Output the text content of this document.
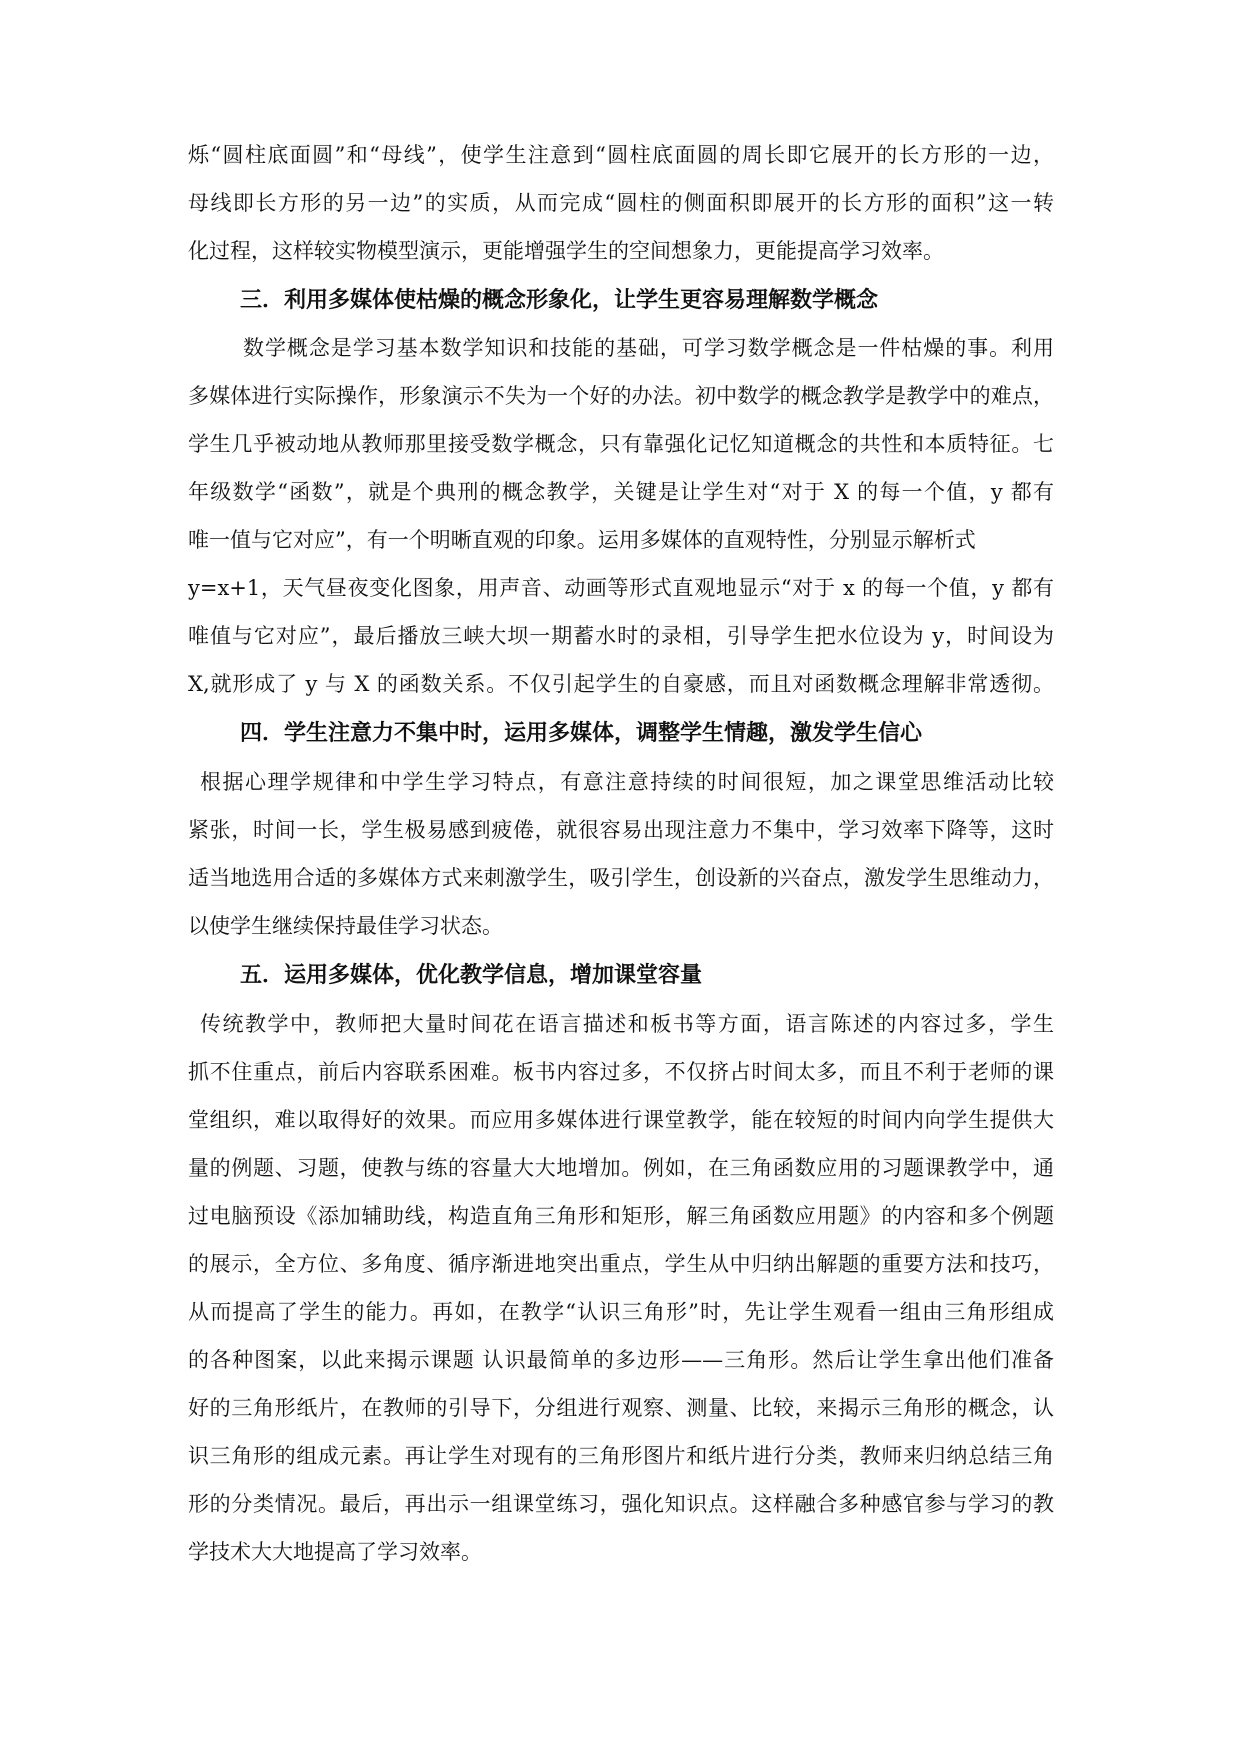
烁“圆柱底面圆”和“母线”，使学生注意到“圆柱底面圆的周长即它展开的长方形的一边，
母线即长方形的另一边”的实质，从而完成“圆柱的侧面积即展开的长方形的面积”这一转
化过程，这样较实物模型演示，更能增强学生的空间想象力，更能提高学习效率。
三．利用多媒体使枯燥的概念形象化，让学生更容易理解数学概念
数学概念是学习基本数学知识和技能的基础，可学习数学概念是一件枯燥的事。利用
多媒体进行实际操作，形象演示不失为一个好的办法。初中数学的概念教学是教学中的难点，
学生几乎被动地从教师那里接受数学概念，只有靠强化记忆知道概念的共性和本质特征。七
年级数学“函数”，就是个典刑的概念教学，关键是让学生对“对于 X 的每一个值，y 都有
唯一值与它对应”，有一个明晰直观的印象。运用多媒体的直观特性，分别显示解析式
y=x+1，天气昼夜变化图象，用声音、动画等形式直观地显示“对于 x 的每一个值，y 都有
唯值与它对应”，最后播放三峡大坝一期蓄水时的录相，引导学生把水位设为 y，时间设为
X,就形成了 y 与 X 的函数关系。不仅引起学生的自豪感，而且对函数概念理解非常透彻。
四．学生注意力不集中时，运用多媒体，调整学生情趣，激发学生信心
根据心理学规律和中学生学习特点，有意注意持续的时间很短，加之课堂思维活动比较
紧张，时间一长，学生极易感到疲倦，就很容易出现注意力不集中，学习效率下降等，这时
适当地选用合适的多媒体方式来刺激学生，吸引学生，创设新的兴奋点，激发学生思维动力，
以使学生继续保持最佳学习状态。
五．运用多媒体，优化教学信息，增加课堂容量
传统教学中，教师把大量时间花在语言描述和板书等方面，语言陈述的内容过多，学生
抓不住重点，前后内容联系困难。板书内容过多，不仅挤占时间太多，而且不利于老师的课
堂组织，难以取得好的效果。而应用多媒体进行课堂教学，能在较短的时间内向学生提供大
量的例题、习题，使教与练的容量大大地增加。例如，在三角函数应用的习题课教学中，通
过电脑预设《添加辅助线，构造直角三角形和矩形，解三角函数应用题》的内容和多个例题
的展示，全方位、多角度、循序渐进地突出重点，学生从中归纳出解题的重要方法和技巧，
从而提高了学生的能力。再如，在教学“认识三角形”时，先让学生观看一组由三角形组成
的各种图案，以此来揭示课题 认识最简单的多边形——三角形。然后让学生拿出他们准备
好的三角形纸片，在教师的引导下，分组进行观察、测量、比较，来揭示三角形的概念，认
识三角形的组成元素。再让学生对现有的三角形图片和纸片进行分类，教师来归纳总结三角
形的分类情况。最后，再出示一组课堂练习，强化知识点。这样融合多种感官参与学习的教
学技术大大地提高了学习效率。
